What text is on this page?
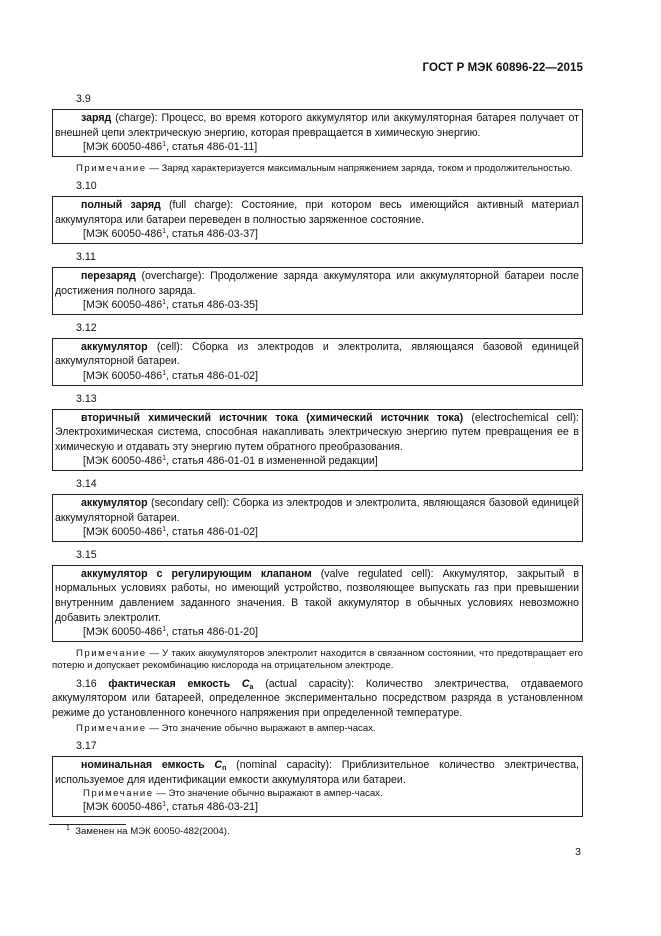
ГОСТ Р МЭК 60896-22—2015
3.9

заряд (charge): Процесс, во время которого аккумулятор или аккумуляторная батарея получает от внешней цепи электрическую энергию, которая превращается в химическую энергию.

[МЭК $60050-486^1$, статья 486-01-11]

Примечание — Заряд характеризуется максимальным напряжением заряда, током и продолжительностью.

3.10

полный заряд (full charge): Состояние, при котором весь имеющийся активный материал аккумулятора или батареи переведен в полностью заряженное состояние.

[МЭК $60050-486^1$, статья 486-03-37]

3.11

перезаряд (overcharge): Продолжение заряда аккумулятора или аккумуляторной батареи после достижения полного заряда.

[МЭК $60050-486^1$, статья 486-03-35]

3.12

аккумулятор (cell): Сборка из электродов и электролита, являющаяся базовой единицей аккумуляторной батареи.

[МЭК $60050-486^1$, статья 486-01-02]

3.13

вторичный химический источник тока (химический источник тока) (electrochemical cell): Электрохимическая система, способная накапливать электрическую энергию путем превращения ее в химическую и отдавать эту энергию путем обратного преобразования.

[МЭК $60050-486^1$, статья 486-01-01 в измененной редакции]

3.14

аккумулятор (secondary cell): Сборка из электродов и электролита, являющаяся базовой единицей аккумуляторной батареи.

[МЭК $60050-486^1$, статья 486-01-02]

3.15

аккумулятор с регулирующим клапаном (valve regulated cell): Аккумулятор, закрытый в нормальных условиях работы, но имеющий устройство, позволяющее выпускать газ при превышении внутренним давлением заданного значения. В такой аккумулятор в обычных условиях невозможно добавить электролит.

[МЭК $60050-486^1$, статья 486-01-20]

Примечание — У таких аккумуляторов электролит находится в связанном состоянии, что предотвращает его потерю и допускает рекомбинацию кислорода на отрицательном электроде.

3.16 фактическая емкость $C_a$ (actual capacity): Количество электричества, отдаваемого аккумулятором или батареей, определенное экспериментально посредством разряда в установленном режиме до установленного конечного напряжения при определенной температуре.

Примечание — Это значение обычно выражают в ампер-часах.

3.17

номинальная емкость $C_n$ (nominal capacity): Приблизительное количество электричества, используемое для идентификации емкости аккумулятора или батареи.

Примечание — Это значение обычно выражают в ампер-часах.

[МЭК $60050-486^1$, статья 486-03-21]

$^1$ Заменен на МЭК 60050-482(2004).
3
